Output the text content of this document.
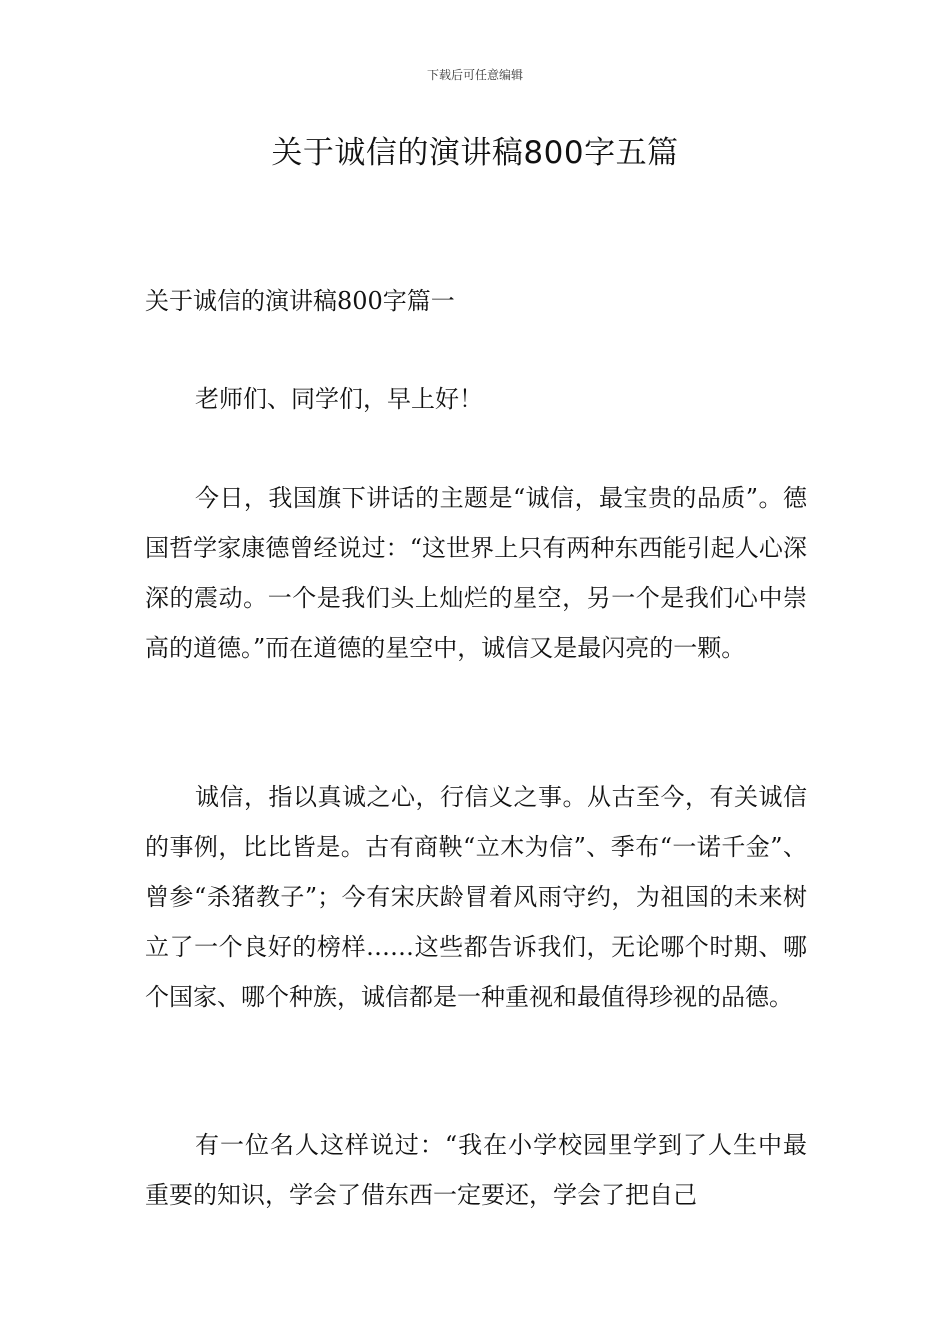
下载后可任意编辑
关于诚信的演讲稿800字五篇
关于诚信的演讲稿800字篇一
老师们、同学们，早上好！
今日，我国旗下讲话的主题是“诚信，最宝贵的品质”。德国哲学家康德曾经说过：“这世界上只有两种东西能引起人心深深的震动。一个是我们头上灿烂的星空，另一个是我们心中崇高的道德。”而在道德的星空中，诚信又是最闪亮的一颗。
诚信，指以真诚之心，行信义之事。从古至今，有关诚信的事例，比比皆是。古有商鞅“立木为信”、季布“一诺千金”、曾参“杀猪教子”；今有宋庆龄冒着风雨守约，为祖国的未来树立了一个良好的榜样……这些都告诉我们，无论哪个时期、哪个国家、哪个种族，诚信都是一种重视和最值得珍视的品德。
有一位名人这样说过：“我在小学校园里学到了人生中最重要的知识，学会了借东西一定要还，学会了把自己
